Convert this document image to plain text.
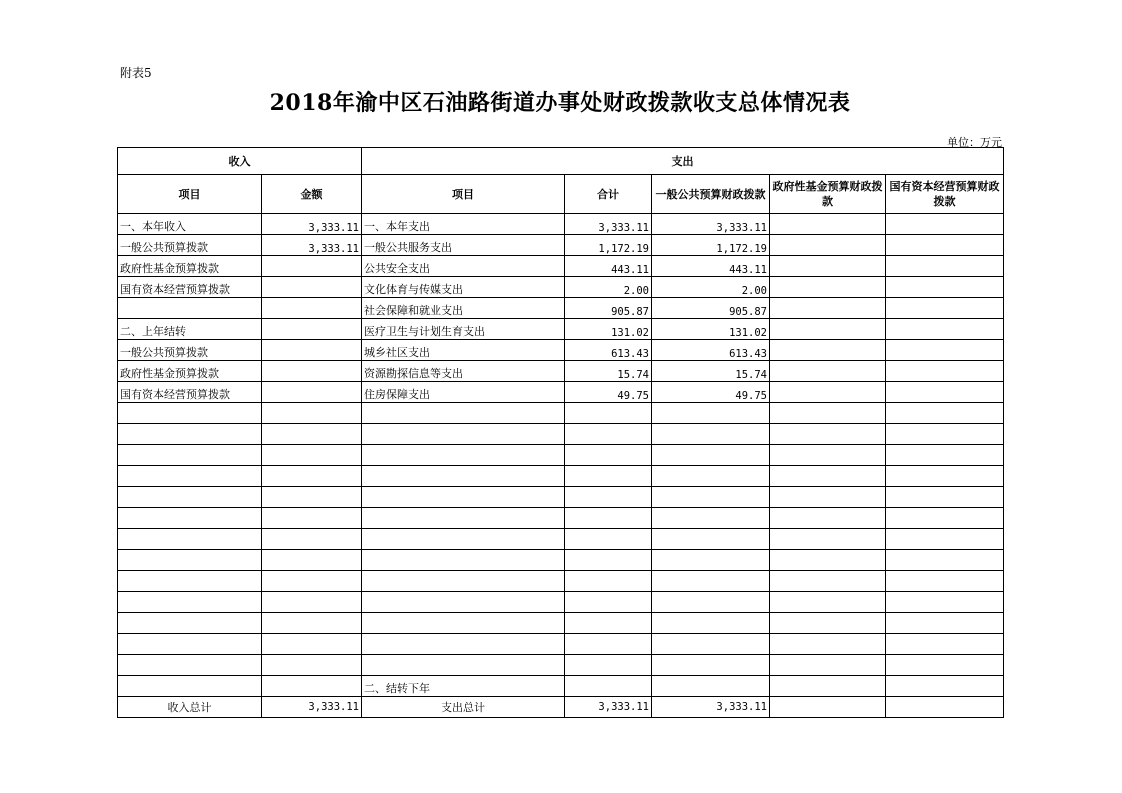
附表5
2018年渝中区石油路街道办事处财政拨款收支总体情况表
单位：万元
收入		支出				
项目	金额	项目	合计	一般公共预算财政拨款	政府性基金预算财政拨款	国有资本经营预算财政拨款
一、本年收入	3,333.11	一、本年支出	3,333.11	3,333.11		
一般公共预算拨款	3,333.11	一般公共服务支出	1,172.19	1,172.19		
政府性基金预算拨款		公共安全支出	443.11	443.11		
国有资本经营预算拨款		文化体育与传媒支出	2.00	2.00		
		社会保障和就业支出	905.87	905.87		
二、上年结转		医疗卫生与计划生育支出	131.02	131.02		
一般公共预算拨款		城乡社区支出	613.43	613.43		
政府性基金预算拨款		资源勘探信息等支出	15.74	15.74		
国有资本经营预算拨款		住房保障支出	49.75	49.75		

		二、结转下年				
收入总计	3,333.11	支出总计	3,333.11	3,333.11		
